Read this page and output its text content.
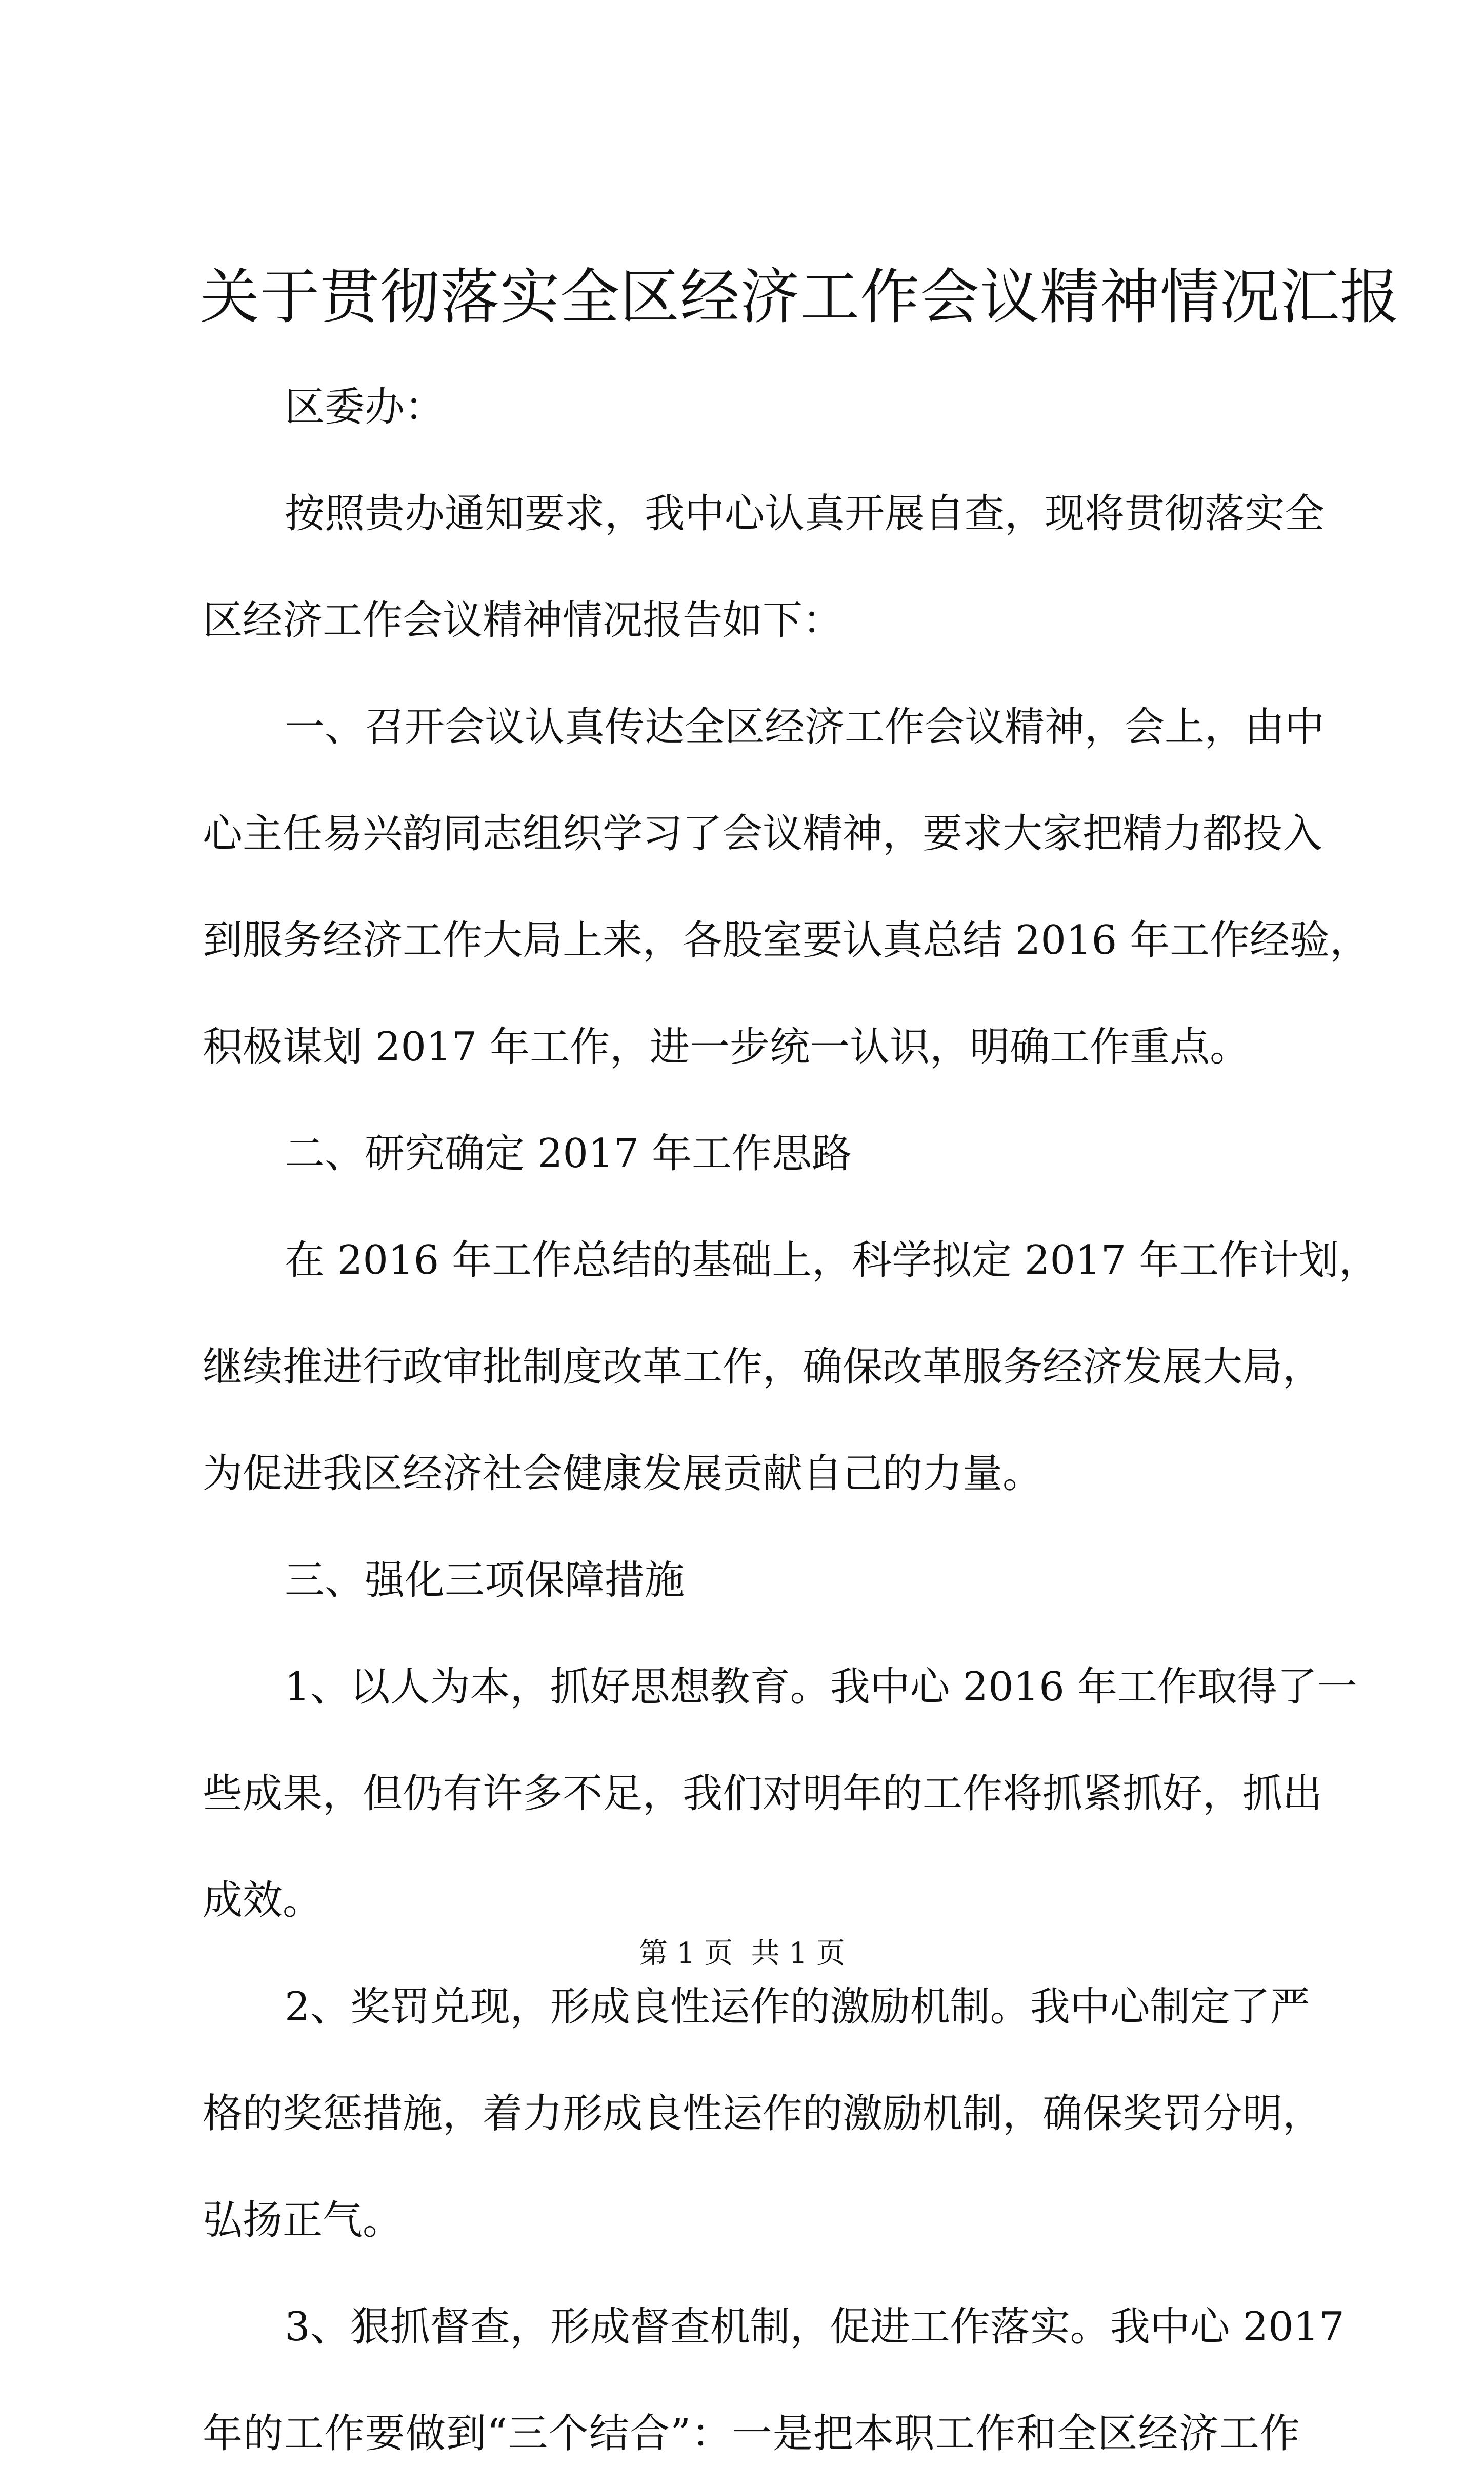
关于贯彻落实全区经济工作会议精神情况汇报
区委办：
按照贵办通知要求，我中心认真开展自查，现将贯彻落实全
区经济工作会议精神情况报告如下：
一、召开会议认真传达全区经济工作会议精神，会上，由中
心主任易兴韵同志组织学习了会议精神，要求大家把精力都投入
到服务经济工作大局上来，各股室要认真总结 2016 年工作经验，
积极谋划 2017 年工作，进一步统一认识，明确工作重点。
二、研究确定 2017 年工作思路
在 2016 年工作总结的基础上，科学拟定 2017 年工作计划，
继续推进行政审批制度改革工作，确保改革服务经济发展大局，
为促进我区经济社会健康发展贡献自己的力量。
三、强化三项保障措施
1、以人为本，抓好思想教育。我中心 2016 年工作取得了一
些成果，但仍有许多不足，我们对明年的工作将抓紧抓好，抓出
成效。
2、奖罚兑现，形成良性运作的激励机制。我中心制定了严
格的奖惩措施，着力形成良性运作的激励机制，确保奖罚分明，
弘扬正气。
3、狠抓督查，形成督查机制，促进工作落实。我中心 2017
年的工作要做到“三个结合”：一是把本职工作和全区经济工作
第 1 页  共 1 页
